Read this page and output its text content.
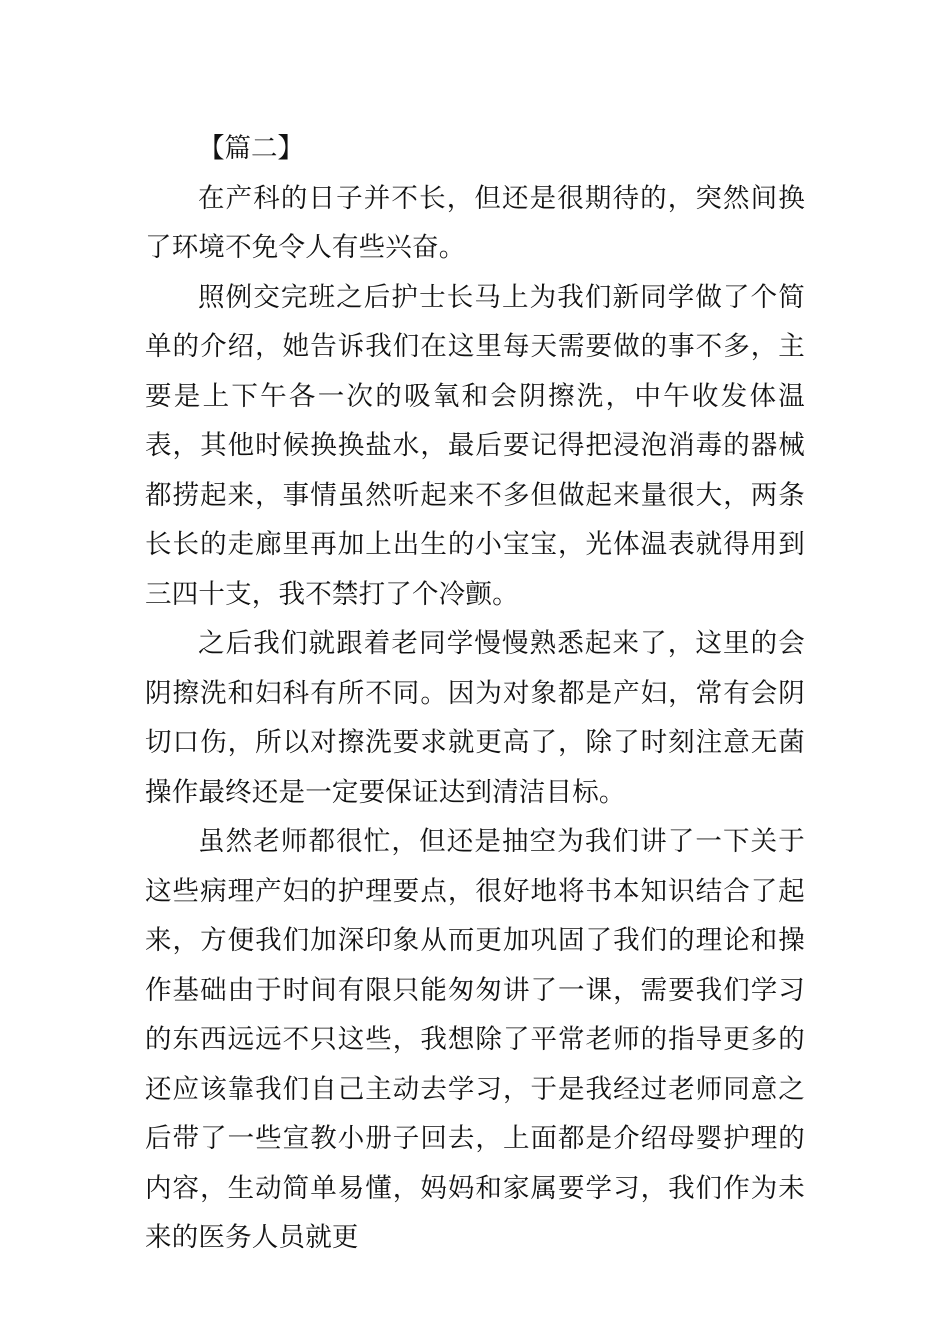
【篇二】

在产科的日子并不长，但还是很期待的，突然间换了环境不免令人有些兴奋。

照例交完班之后护士长马上为我们新同学做了个简单的介绍，她告诉我们在这里每天需要做的事不多，主要是上下午各一次的吸氧和会阴擦洗，中午收发体温表，其他时候换换盐水，最后要记得把浸泡消毒的器械都捞起来，事情虽然听起来不多但做起来量很大，两条长长的走廊里再加上出生的小宝宝，光体温表就得用到三四十支，我不禁打了个冷颤。

之后我们就跟着老同学慢慢熟悉起来了，这里的会阴擦洗和妇科有所不同。因为对象都是产妇，常有会阴切口伤，所以对擦洗要求就更高了，除了时刻注意无菌操作最终还是一定要保证达到清洁目标。

虽然老师都很忙，但还是抽空为我们讲了一下关于这些病理产妇的护理要点，很好地将书本知识结合了起来，方便我们加深印象从而更加巩固了我们的理论和操作基础由于时间有限只能匆匆讲了一课，需要我们学习的东西远远不只这些，我想除了平常老师的指导更多的还应该靠我们自己主动去学习，于是我经过老师同意之后带了一些宣教小册子回去，上面都是介绍母婴护理的内容，生动简单易懂，妈妈和家属要学习，我们作为未来的医务人员就更
